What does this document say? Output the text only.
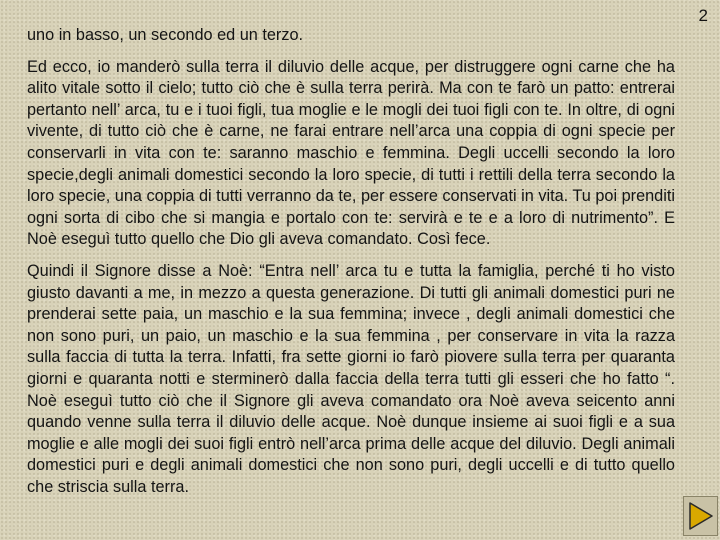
2

uno in basso, un secondo ed un terzo.

Ed ecco, io manderò sulla terra il diluvio delle acque, per distruggere ogni carne che ha alito vitale sotto il cielo; tutto ciò che è sulla terra perirà. Ma con te farò un patto: entrerai pertanto nell’ arca, tu e i tuoi figli, tua moglie e le mogli dei tuoi figli con te. In oltre, di ogni vivente, di tutto ciò che è carne, ne farai entrare nell’arca una coppia di ogni specie per conservarli in vita con te: saranno maschio e femmina. Degli uccelli secondo la loro specie,degli animali domestici secondo la loro specie, di tutti i rettili della terra secondo la loro specie, una coppia di tutti verranno da te, per essere conservati in vita. Tu poi prenditi ogni sorta di cibo che si mangia e portalo con te: servirà e te e a loro di nutrimento”. E Noè eseguì tutto quello che Dio gli aveva comandato. Così fece.

Quindi il Signore disse a Noè: “Entra nell’ arca tu e tutta la famiglia, perché ti ho visto giusto davanti a me, in mezzo a questa generazione. Di tutti gli animali domestici puri ne prenderai sette paia, un maschio e la sua femmina; invece , degli animali domestici che non sono puri, un paio, un maschio e la sua femmina , per conservare in vita la razza sulla faccia di tutta la terra. Infatti, fra sette giorni io farò piovere sulla terra per quaranta giorni e quaranta notti e sterminerò dalla faccia della terra tutti gli esseri che ho fatto “. Noè eseguì tutto ciò che il Signore gli aveva comandato ora Noè aveva seicento anni quando venne sulla terra il diluvio delle acque. Noè dunque insieme ai suoi figli e a sua moglie e alle mogli dei suoi figli entrò nell’arca prima delle acque del diluvio. Degli animali domestici puri e degli animali domestici che non sono puri, degli uccelli e di tutto quello che striscia sulla terra.
